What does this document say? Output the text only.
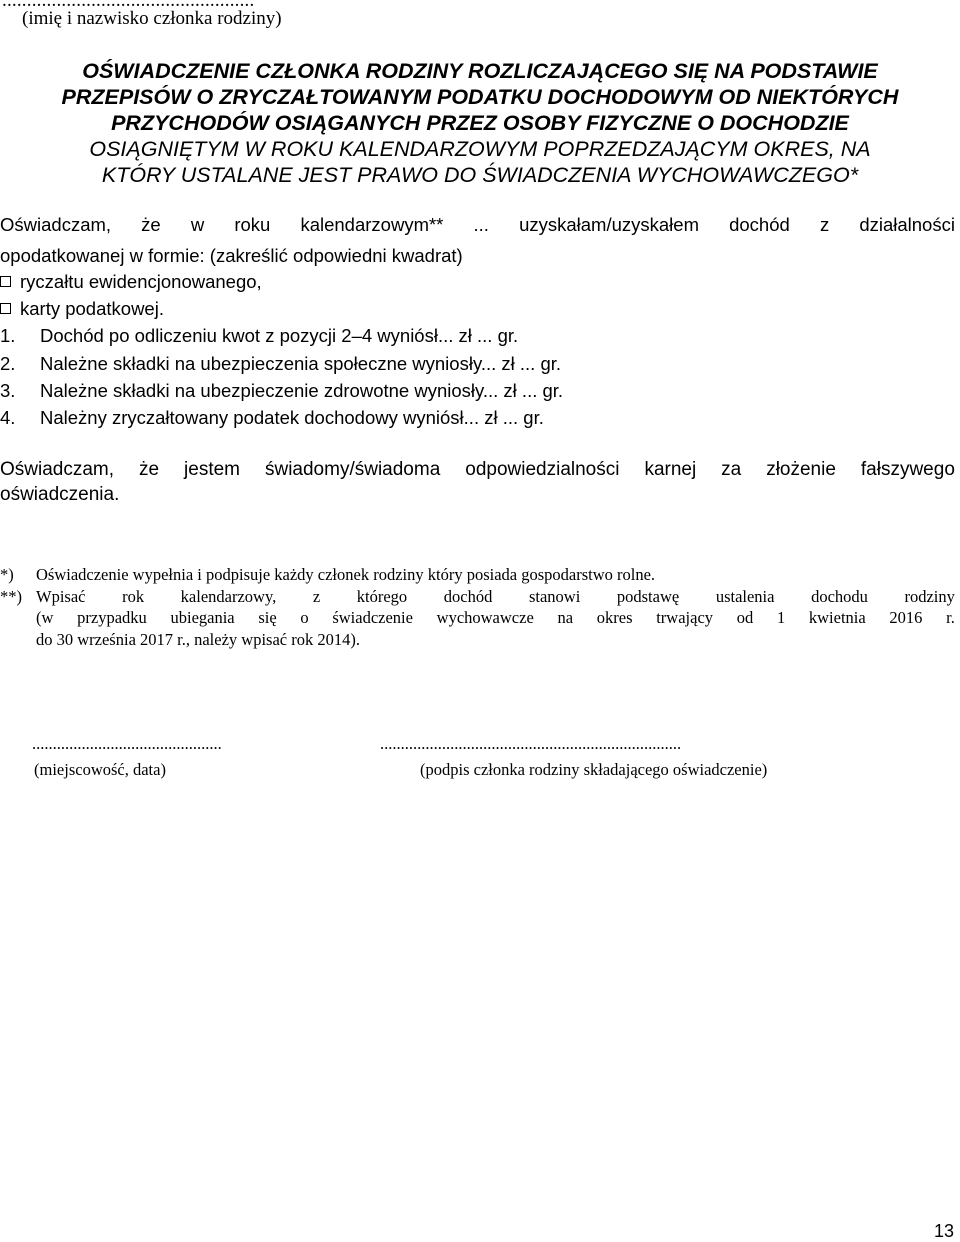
...................................................
(imię i nazwisko członka rodziny)
OŚWIADCZENIE CZŁONKA RODZINY ROZLICZAJĄCEGO SIĘ NA PODSTAWIE
PRZEPISÓW O ZRYCZAŁTOWANYM PODATKU DOCHODOWYM OD NIEKTÓRYCH
PRZYCHODÓW OSIĄGANYCH PRZEZ OSOBY FIZYCZNE O DOCHODZIE
OSIĄGNIĘTYM W ROKU KALENDARZOWYM POPRZEDZAJĄCYM OKRES, NA
KTÓRY USTALANE JEST PRAWO DO ŚWIADCZENIA WYCHOWAWCZEGO*
Oświadczam, że w roku kalendarzowym** ... uzyskałam/uzyskałem dochód z działalności
opodatkowanej w formie: (zakreślić odpowiedni kwadrat)
ryczałtu ewidencjonowanego,
karty podatkowej.
1. Dochód po odliczeniu kwot z pozycji 2–4 wyniósł... zł ... gr.
2. Należne składki na ubezpieczenia społeczne wyniosły... zł ... gr.
3. Należne składki na ubezpieczenie zdrowotne wyniosły... zł ... gr.
4. Należny zryczałtowany podatek dochodowy wyniósł... zł ... gr.
Oświadczam, że jestem świadomy/świadoma odpowiedzialności karnej za złożenie fałszywego
oświadczenia.
*) Oświadczenie wypełnia i podpisuje każdy członek rodziny który posiada gospodarstwo rolne.
**) Wpisać rok kalendarzowy, z którego dochód stanowi podstawę ustalenia dochodu rodziny
(w przypadku ubiegania się o świadczenie wychowawcze na okres trwający od 1 kwietnia 2016 r.
do 30 września 2017 r., należy wpisać rok 2014).
..............................................
(miejscowość, data)
.........................................................................
(podpis członka rodziny składającego oświadczenie)
13
